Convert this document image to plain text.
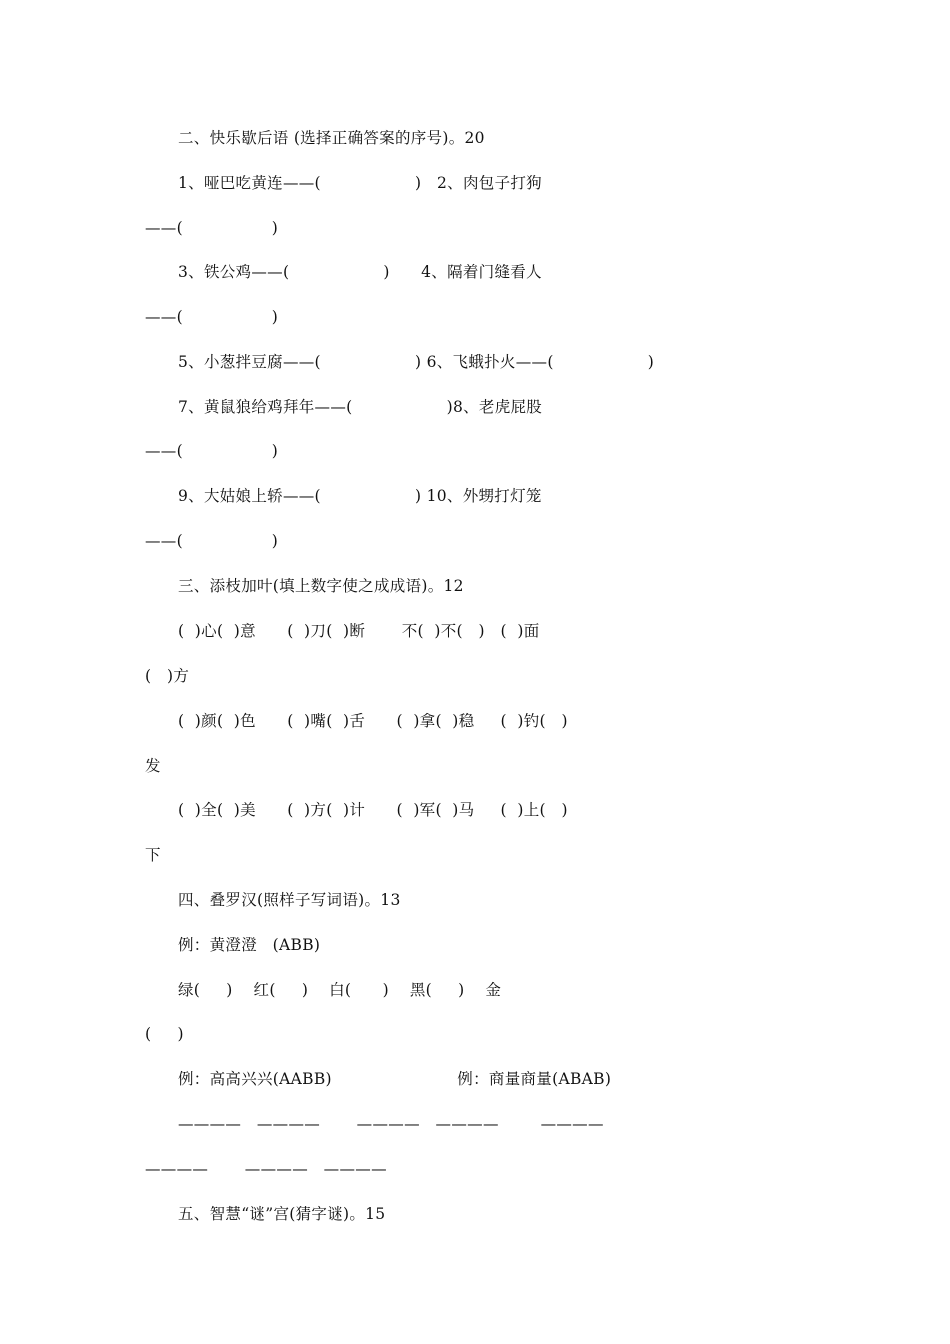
二、快乐歇后语 (选择正确答案的序号)。20
1、哑巴吃黄连——(                  )   2、肉包子打狗
——(                 )
3、铁公鸡——(                  )      4、隔着门缝看人
——(                 )
5、小葱拌豆腐——(                  ) 6、飞蛾扑火——(                  )
7、黄鼠狼给鸡拜年——(                  )8、老虎屁股
——(                 )
9、大姑娘上轿——(                  ) 10、外甥打灯笼
——(                 )
三、添枝加叶(填上数字使之成成语)。12
(  )心(  )意      (  )刀(  )断       不(  )不(   )   (  )面
(   )方
(  )颜(  )色      (  )嘴(  )舌      (  )拿(  )稳     (  )钓(   )
发
(  )全(  )美      (  )方(  )计      (  )军(  )马     (  )上(   )
下
四、叠罗汉(照样子写词语)。13
例：黄澄澄   (ABB)
绿(     )    红(     )    白(      )    黑(     )    金
(     )
例：高高兴兴(AABB)                        例：商量商量(ABAB)
————   ————       ————   ————        ————
————       ————   ————
五、智慧“谜”宫(猜字谜)。15
